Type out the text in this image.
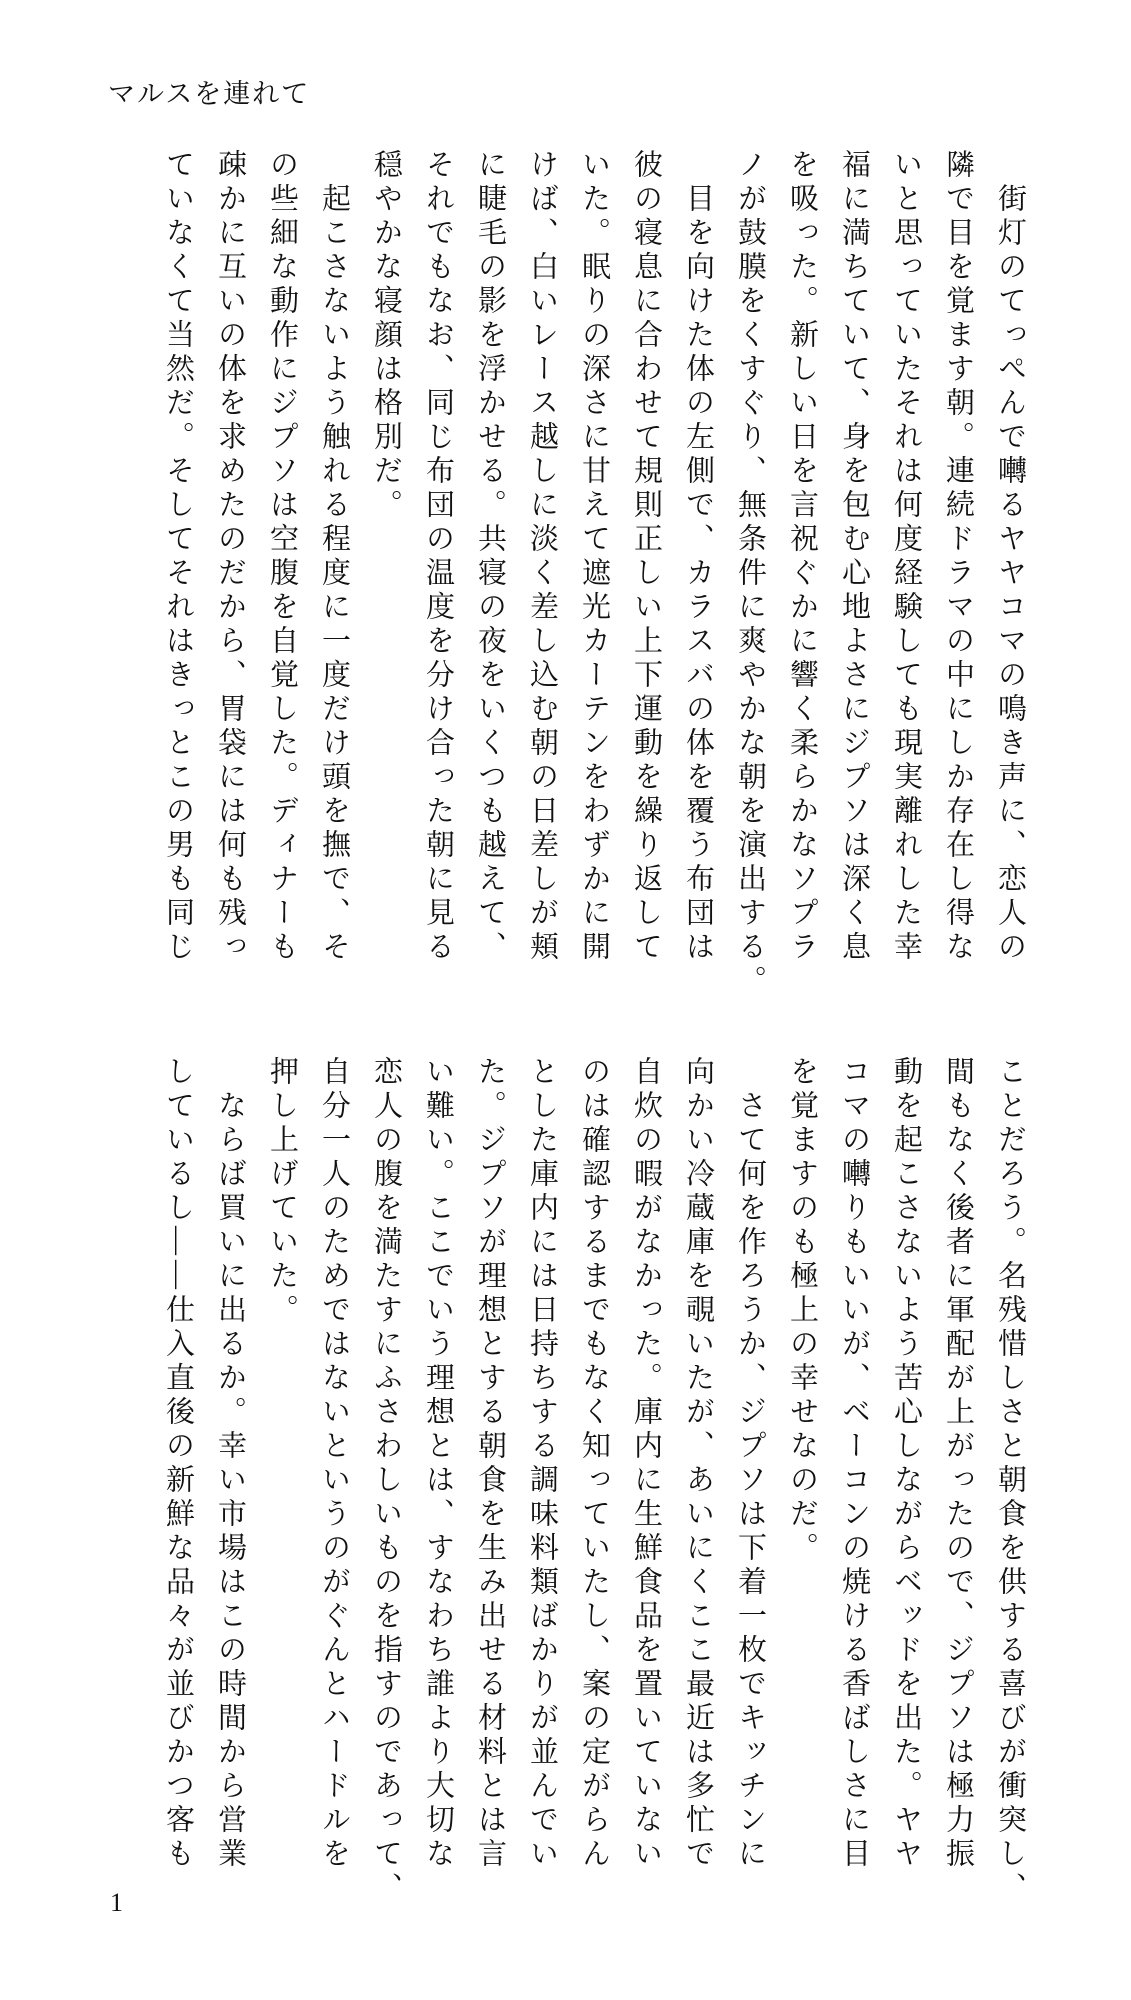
マルスを連れて
　街灯のてっぺんで囀るヤヤコマの鳴き声に、恋人の
隣で目を覚ます朝。連続ドラマの中にしか存在し得な
いと思っていたそれは何度経験しても現実離れした幸
福に満ちていて、身を包む心地よさにジプソは深く息
を吸った。新しい日を言祝ぐかに響く柔らかなソプラ
ノが鼓膜をくすぐり、無条件に爽やかな朝を演出する。
　目を向けた体の左側で、カラスバの体を覆う布団は
彼の寝息に合わせて規則正しい上下運動を繰り返して
いた。眠りの深さに甘えて遮光カーテンをわずかに開
けば、白いレース越しに淡く差し込む朝の日差しが頬
に睫毛の影を浮かせる。共寝の夜をいくつも越えて、
それでもなお、同じ布団の温度を分け合った朝に見る
穏やかな寝顔は格別だ。
　起こさないよう触れる程度に一度だけ頭を撫で、そ
の些細な動作にジプソは空腹を自覚した。ディナーも
疎かに互いの体を求めたのだから、胃袋には何も残っ
ていなくて当然だ。そしてそれはきっとこの男も同じ
ことだろう。名残惜しさと朝食を供する喜びが衝突し、
間もなく後者に軍配が上がったので、ジプソは極力振
動を起こさないよう苦心しながらベッドを出た。ヤヤ
コマの囀りもいいが、ベーコンの焼ける香ばしさに目
を覚ますのも極上の幸せなのだ。
　さて何を作ろうか、ジプソは下着一枚でキッチンに
向かい冷蔵庫を覗いたが、あいにくここ最近は多忙で
自炊の暇がなかった。庫内に生鮮食品を置いていない
のは確認するまでもなく知っていたし、案の定がらん
とした庫内には日持ちする調味料類ばかりが並んでい
た。ジプソが理想とする朝食を生み出せる材料とは言
い難い。ここでいう理想とは、すなわち誰より大切な
恋人の腹を満たすにふさわしいものを指すのであって、
自分一人のためではないというのがぐんとハードルを
押し上げていた。
　ならば買いに出るか。幸い市場はこの時間から営業
しているし――仕入直後の新鮮な品々が並びかつ客も
1
